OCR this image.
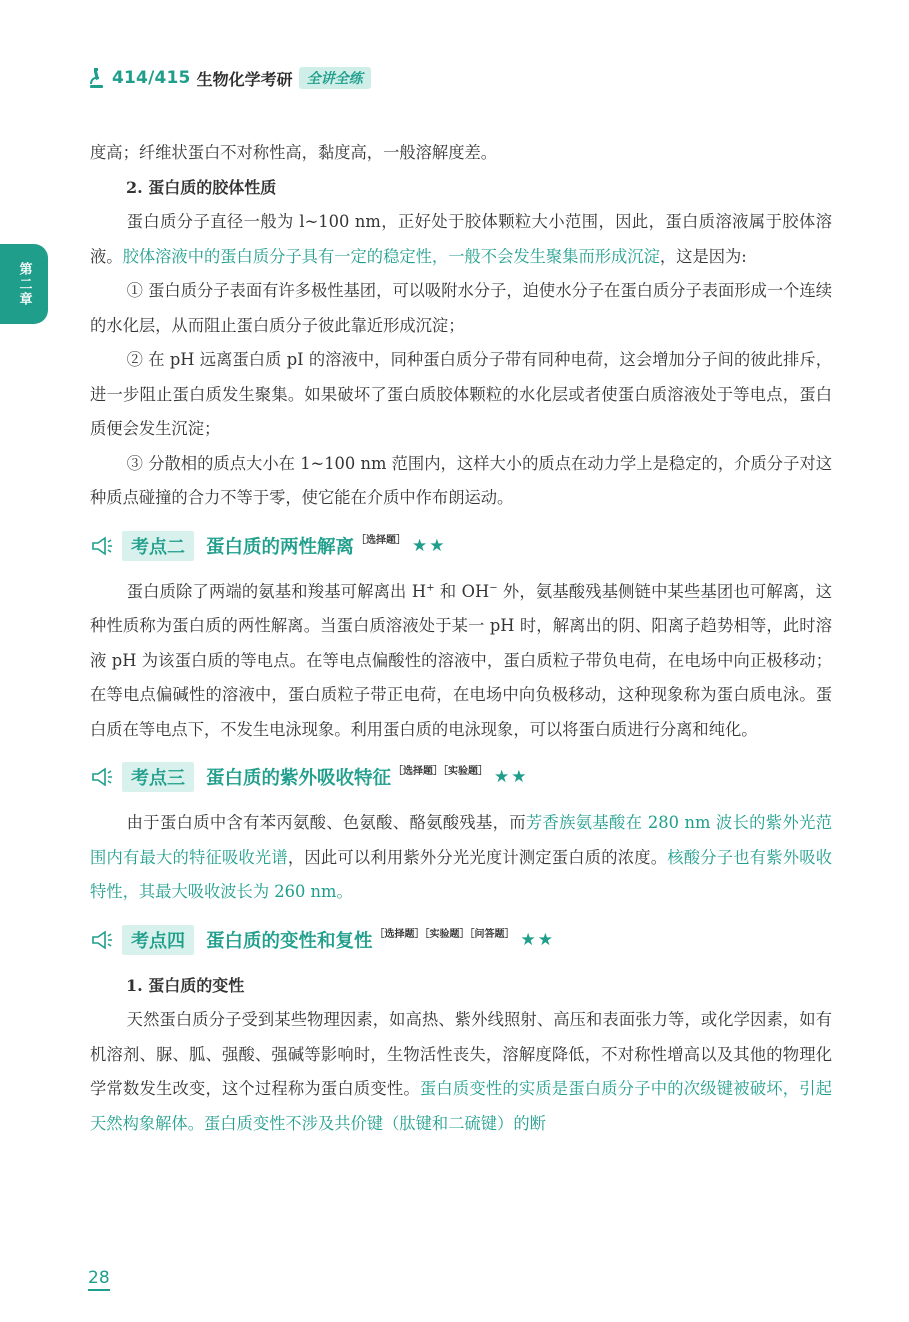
414/415 生物化学考研	全讲全练
第二章

度高；纤维状蛋白不对称性高，黏度高，一般溶解度差。

2. 蛋白质的胶体性质

蛋白质分子直径一般为 l~100 nm，正好处于胶体颗粒大小范围，因此，蛋白质溶液属于胶体溶液。胶体溶液中的蛋白质分子具有一定的稳定性，一般不会发生聚集而形成沉淀，这是因为:

① 蛋白质分子表面有许多极性基团，可以吸附水分子，迫使水分子在蛋白质分子表面形成一个连续的水化层，从而阻止蛋白质分子彼此靠近形成沉淀；

② 在 pH 远离蛋白质 pI 的溶液中，同种蛋白质分子带有同种电荷，这会增加分子间的彼此排斥，进一步阻止蛋白质发生聚集。如果破坏了蛋白质胶体颗粒的水化层或者使蛋白质溶液处于等电点，蛋白质便会发生沉淀；

③ 分散相的质点大小在 1~100 nm 范围内，这样大小的质点在动力学上是稳定的，介质分子对这种质点碰撞的合力不等于零，使它能在介质中作布朗运动。

考点二	蛋白质的两性解离 ［选择题］ ★★

蛋白质除了两端的氨基和羧基可解离出 H+ 和 OH− 外，氨基酸残基侧链中某些基团也可解离，这种性质称为蛋白质的两性解离。当蛋白质溶液处于某一 pH 时，解离出的阴、阳离子趋势相等，此时溶液 pH 为该蛋白质的等电点。在等电点偏酸性的溶液中，蛋白质粒子带负电荷，在电场中向正极移动；在等电点偏碱性的溶液中，蛋白质粒子带正电荷，在电场中向负极移动，这种现象称为蛋白质电泳。蛋白质在等电点下，不发生电泳现象。利用蛋白质的电泳现象，可以将蛋白质进行分离和纯化。

考点三	蛋白质的紫外吸收特征 ［选择题］［实验题］ ★★

由于蛋白质中含有苯丙氨酸、色氨酸、酪氨酸残基，而芳香族氨基酸在 280 nm 波长的紫外光范围内有最大的特征吸收光谱，因此可以利用紫外分光光度计测定蛋白质的浓度。核酸分子也有紫外吸收特性，其最大吸收波长为 260 nm。

考点四	蛋白质的变性和复性 ［选择题］［实验题］［问答题］ ★★

1. 蛋白质的变性

天然蛋白质分子受到某些物理因素，如高热、紫外线照射、高压和表面张力等，或化学因素，如有机溶剂、脲、胍、强酸、强碱等影响时，生物活性丧失，溶解度降低，不对称性增高以及其他的物理化学常数发生改变，这个过程称为蛋白质变性。蛋白质变性的实质是蛋白质分子中的次级键被破坏，引起天然构象解体。蛋白质变性不涉及共价键（肽键和二硫键）的断

28
